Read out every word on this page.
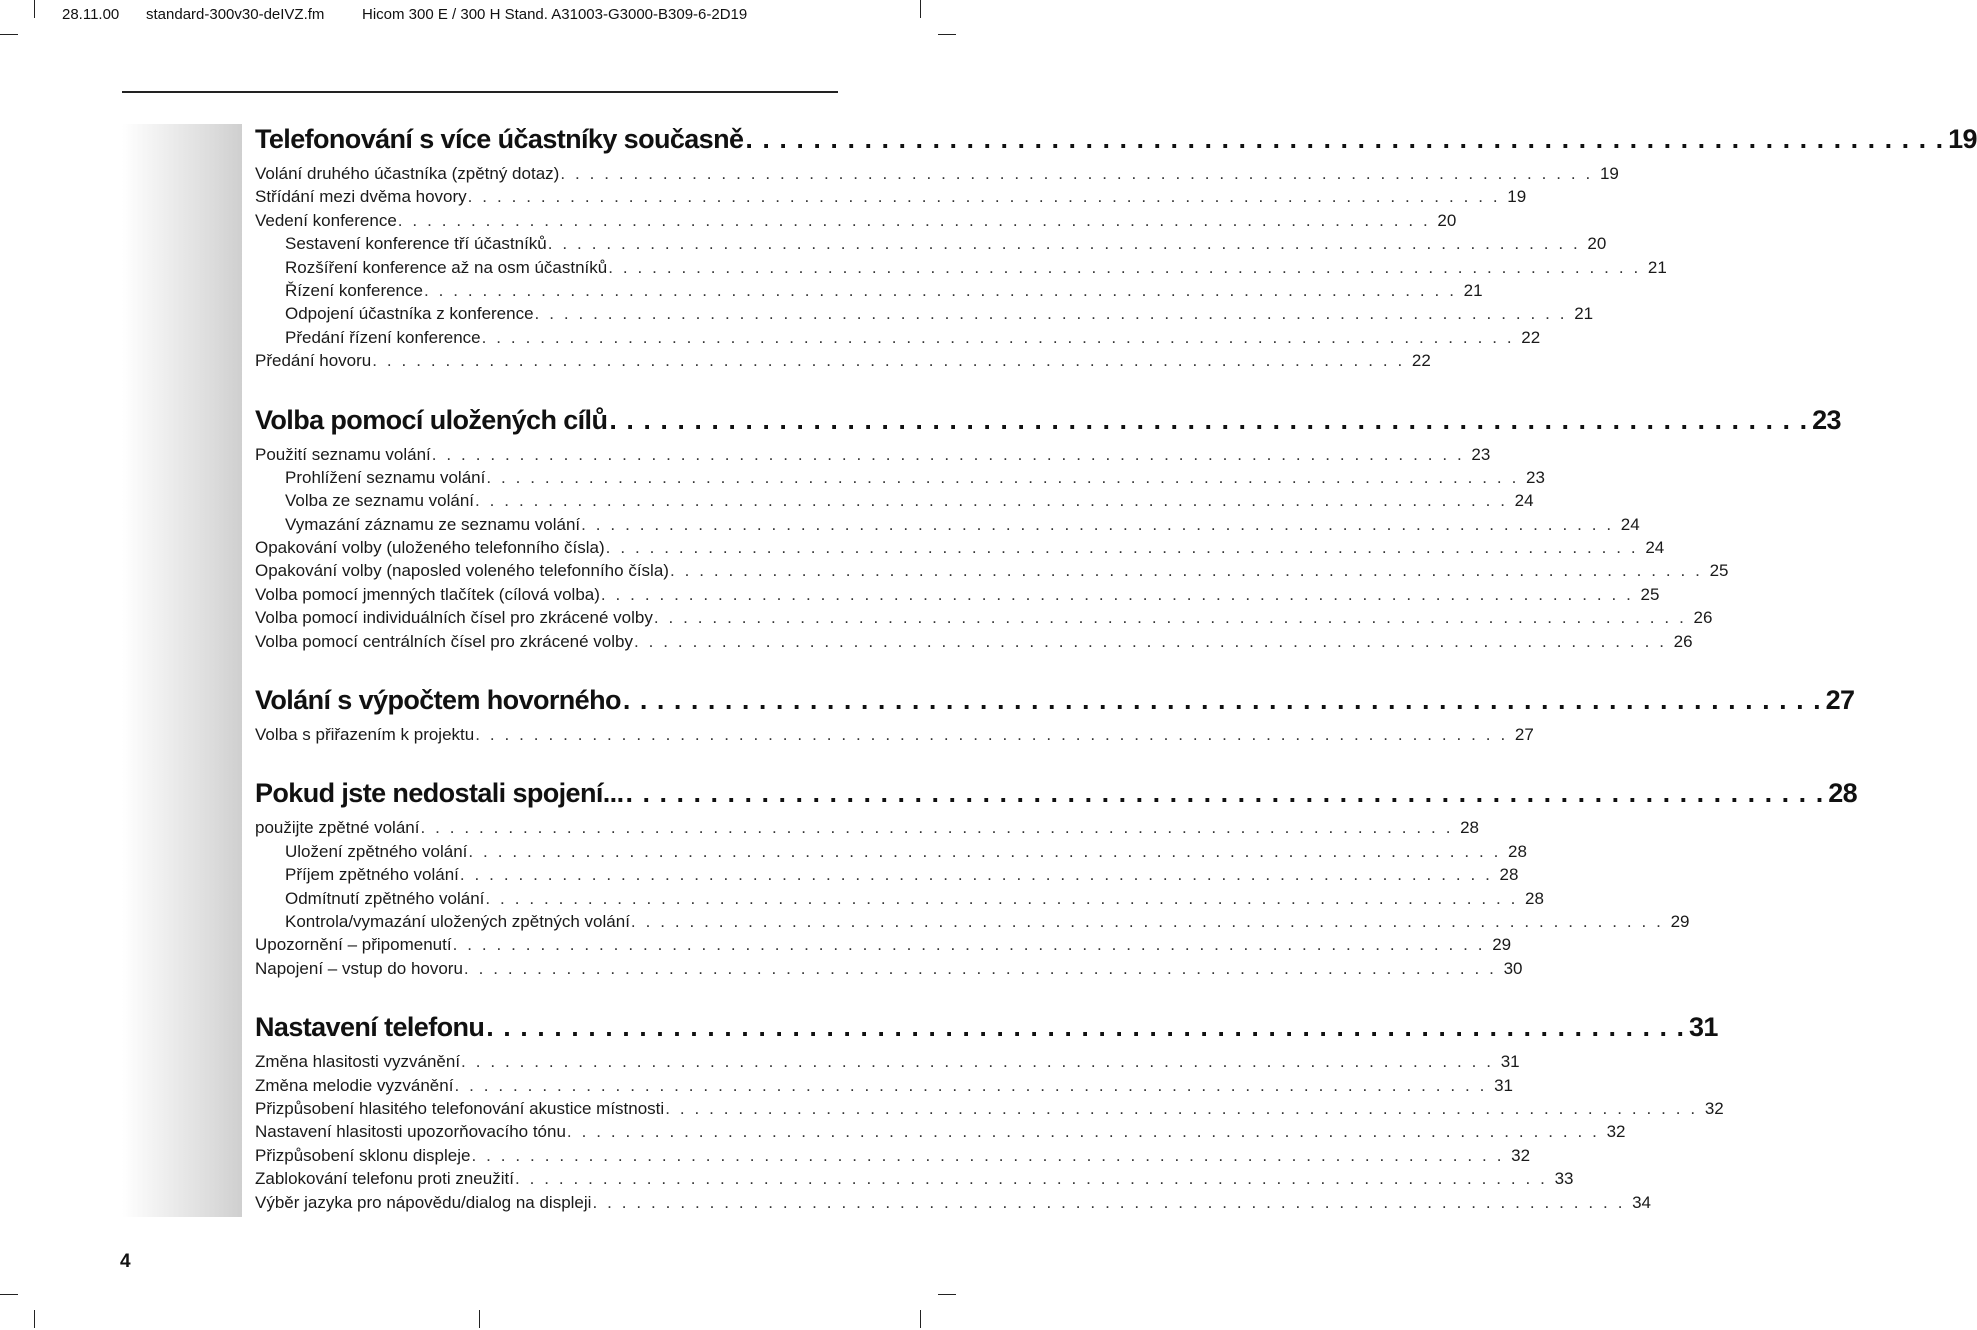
28.11.00 standard-300v30-deIVZ.fm	Hicom 300 E / 300 H Stand. A31003-G3000-B309-6-2D19
Telefonování s více účastníky současně . . . . . . . . . . . . . . . . . . . . . . . . . . . . . . . . . . . . . . . . . . . . . . . . . . . . . . . . . . . . . . . . . . . . . . . 19
Volání druhého účastníka (zpětný dotaz) . . . . . . . . . . . . . . . . . . . . . . . . . . . . . . . . . . . . . . . . . . . . . . . . . . . . . . . . . . . . . . . . . . . . . . . 19
Střídání mezi dvěma hovory . . . . . . . . . . . . . . . . . . . . . . . . . . . . . . . . . . . . . . . . . . . . . . . . . . . . . . . . . . . . . . . . . . . . . . . 19
Vedení konference . . . . . . . . . . . . . . . . . . . . . . . . . . . . . . . . . . . . . . . . . . . . . . . . . . . . . . . . . . . . . . . . . . . . . . . 20
Sestavení konference tří účastníků . . . . . . . . . . . . . . . . . . . . . . . . . . . . . . . . . . . . . . . . . . . . . . . . . . . . . . . . . . . . . . . . . . . . . . . 20
Rozšíření konference až na osm účastníků . . . . . . . . . . . . . . . . . . . . . . . . . . . . . . . . . . . . . . . . . . . . . . . . . . . . . . . . . . . . . . . . . . . . . . . 21
Řízení konference . . . . . . . . . . . . . . . . . . . . . . . . . . . . . . . . . . . . . . . . . . . . . . . . . . . . . . . . . . . . . . . . . . . . . . . 21
Odpojení účastníka z konference . . . . . . . . . . . . . . . . . . . . . . . . . . . . . . . . . . . . . . . . . . . . . . . . . . . . . . . . . . . . . . . . . . . . . . . 21
Předání řízení konference . . . . . . . . . . . . . . . . . . . . . . . . . . . . . . . . . . . . . . . . . . . . . . . . . . . . . . . . . . . . . . . . . . . . . . . 22
Předání hovoru . . . . . . . . . . . . . . . . . . . . . . . . . . . . . . . . . . . . . . . . . . . . . . . . . . . . . . . . . . . . . . . . . . . . . . . 22
Volba pomocí uložených cílů . . . . . . . . . . . . . . . . . . . . . . . . . . . . . . . . . . . . . . . . . . . . . . . . . . . . . . . . . . . . . . . . . . . . . . . 23
Použití seznamu volání . . . . . . . . . . . . . . . . . . . . . . . . . . . . . . . . . . . . . . . . . . . . . . . . . . . . . . . . . . . . . . . . . . . . . . . 23
Prohlížení seznamu volání . . . . . . . . . . . . . . . . . . . . . . . . . . . . . . . . . . . . . . . . . . . . . . . . . . . . . . . . . . . . . . . . . . . . . . . 23
Volba ze seznamu volání . . . . . . . . . . . . . . . . . . . . . . . . . . . . . . . . . . . . . . . . . . . . . . . . . . . . . . . . . . . . . . . . . . . . . . . 24
Vymazání záznamu ze seznamu volání . . . . . . . . . . . . . . . . . . . . . . . . . . . . . . . . . . . . . . . . . . . . . . . . . . . . . . . . . . . . . . . . . . . . . . . 24
Opakování volby (uloženého telefonního čísla) . . . . . . . . . . . . . . . . . . . . . . . . . . . . . . . . . . . . . . . . . . . . . . . . . . . . . . . . . . . . . . . . . . . . . . . 24
Opakování volby (naposled voleného telefonního čísla) . . . . . . . . . . . . . . . . . . . . . . . . . . . . . . . . . . . . . . . . . . . . . . . . . . . . . . . . . . . . . . . . . . . . . . . 25
Volba pomocí jmenných tlačítek (cílová volba) . . . . . . . . . . . . . . . . . . . . . . . . . . . . . . . . . . . . . . . . . . . . . . . . . . . . . . . . . . . . . . . . . . . . . . . 25
Volba pomocí individuálních čísel pro zkrácené volby . . . . . . . . . . . . . . . . . . . . . . . . . . . . . . . . . . . . . . . . . . . . . . . . . . . . . . . . . . . . . . . . . . . . . . . 26
Volba pomocí centrálních čísel pro zkrácené volby . . . . . . . . . . . . . . . . . . . . . . . . . . . . . . . . . . . . . . . . . . . . . . . . . . . . . . . . . . . . . . . . . . . . . . . 26
Volání s výpočtem hovorného . . . . . . . . . . . . . . . . . . . . . . . . . . . . . . . . . . . . . . . . . . . . . . . . . . . . . . . . . . . . . . . . . . . . . . . 27
Volba s přiřazením k projektu . . . . . . . . . . . . . . . . . . . . . . . . . . . . . . . . . . . . . . . . . . . . . . . . . . . . . . . . . . . . . . . . . . . . . . . 27
Pokud jste nedostali spojení... . . . . . . . . . . . . . . . . . . . . . . . . . . . . . . . . . . . . . . . . . . . . . . . . . . . . . . . . . . . . . . . . . . . . . . . 28
použijte zpětné volání . . . . . . . . . . . . . . . . . . . . . . . . . . . . . . . . . . . . . . . . . . . . . . . . . . . . . . . . . . . . . . . . . . . . . . . 28
Uložení zpětného volání . . . . . . . . . . . . . . . . . . . . . . . . . . . . . . . . . . . . . . . . . . . . . . . . . . . . . . . . . . . . . . . . . . . . . . . 28
Příjem zpětného volání . . . . . . . . . . . . . . . . . . . . . . . . . . . . . . . . . . . . . . . . . . . . . . . . . . . . . . . . . . . . . . . . . . . . . . . 28
Odmítnutí zpětného volání . . . . . . . . . . . . . . . . . . . . . . . . . . . . . . . . . . . . . . . . . . . . . . . . . . . . . . . . . . . . . . . . . . . . . . . 28
Kontrola/vymazání uložených zpětných volání . . . . . . . . . . . . . . . . . . . . . . . . . . . . . . . . . . . . . . . . . . . . . . . . . . . . . . . . . . . . . . . . . . . . . . . 29
Upozornění – připomenutí . . . . . . . . . . . . . . . . . . . . . . . . . . . . . . . . . . . . . . . . . . . . . . . . . . . . . . . . . . . . . . . . . . . . . . . 29
Napojení – vstup do hovoru . . . . . . . . . . . . . . . . . . . . . . . . . . . . . . . . . . . . . . . . . . . . . . . . . . . . . . . . . . . . . . . . . . . . . . . 30
Nastavení telefonu . . . . . . . . . . . . . . . . . . . . . . . . . . . . . . . . . . . . . . . . . . . . . . . . . . . . . . . . . . . . . . . . . . . . . . . 31
Změna hlasitosti vyzvánění . . . . . . . . . . . . . . . . . . . . . . . . . . . . . . . . . . . . . . . . . . . . . . . . . . . . . . . . . . . . . . . . . . . . . . . 31
Změna melodie vyzvánění . . . . . . . . . . . . . . . . . . . . . . . . . . . . . . . . . . . . . . . . . . . . . . . . . . . . . . . . . . . . . . . . . . . . . . . 31
Přizpůsobení hlasitého telefonování akustice místnosti . . . . . . . . . . . . . . . . . . . . . . . . . . . . . . . . . . . . . . . . . . . . . . . . . . . . . . . . . . . . . . . . . . . . . . . 32
Nastavení hlasitosti upozorňovacího tónu . . . . . . . . . . . . . . . . . . . . . . . . . . . . . . . . . . . . . . . . . . . . . . . . . . . . . . . . . . . . . . . . . . . . . . . 32
Přizpůsobení sklonu displeje . . . . . . . . . . . . . . . . . . . . . . . . . . . . . . . . . . . . . . . . . . . . . . . . . . . . . . . . . . . . . . . . . . . . . . . 32
Zablokování telefonu proti zneužití . . . . . . . . . . . . . . . . . . . . . . . . . . . . . . . . . . . . . . . . . . . . . . . . . . . . . . . . . . . . . . . . . . . . . . . 33
Výběr jazyka pro nápovědu/dialog na displeji . . . . . . . . . . . . . . . . . . . . . . . . . . . . . . . . . . . . . . . . . . . . . . . . . . . . . . . . . . . . . . . . . . . . . . . 34
4
